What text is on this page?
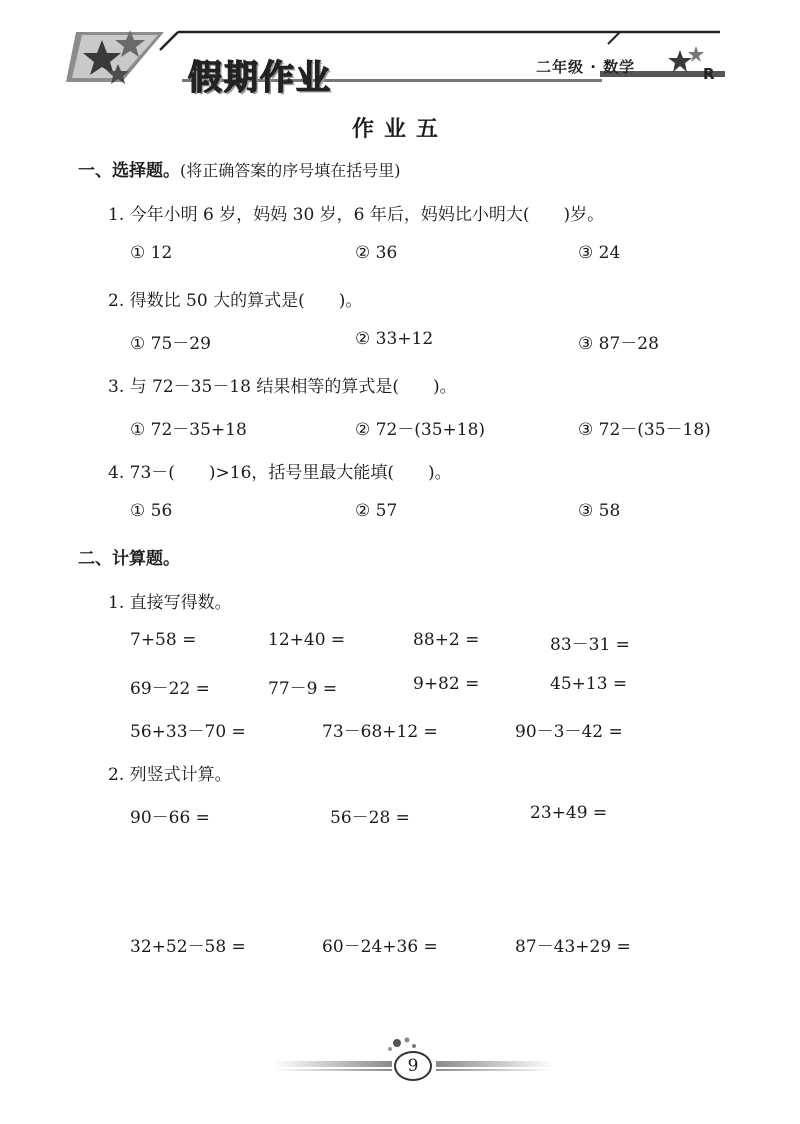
假期作业	二年级 · 数学	R
作业五
一、选择题。(将正确答案的序号填在括号里)
1. 今年小明 6 岁，妈妈 30 岁，6 年后，妈妈比小明大(　　)岁。
① 12	② 36	③ 24
2. 得数比 50 大的算式是(　　)。
① 75－29	② 33+12	③ 87－28
3. 与 72－35－18 结果相等的算式是(　　)。
① 72－35+18	② 72－(35+18)	③ 72－(35－18)
4. 73－(　　)>16，括号里最大能填(　　)。
① 56	② 57	③ 58
二、计算题。
1. 直接写得数。
7+58 =	12+40 =	88+2 =	83－31 =
69－22 =	77－9 =	9+82 =	45+13 =
56+33－70 =	73－68+12 =	90－3－42 =
2. 列竖式计算。
90－66 =	56－28 =	23+49 =
32+52－58 =	60－24+36 =	87－43+29 =
9
